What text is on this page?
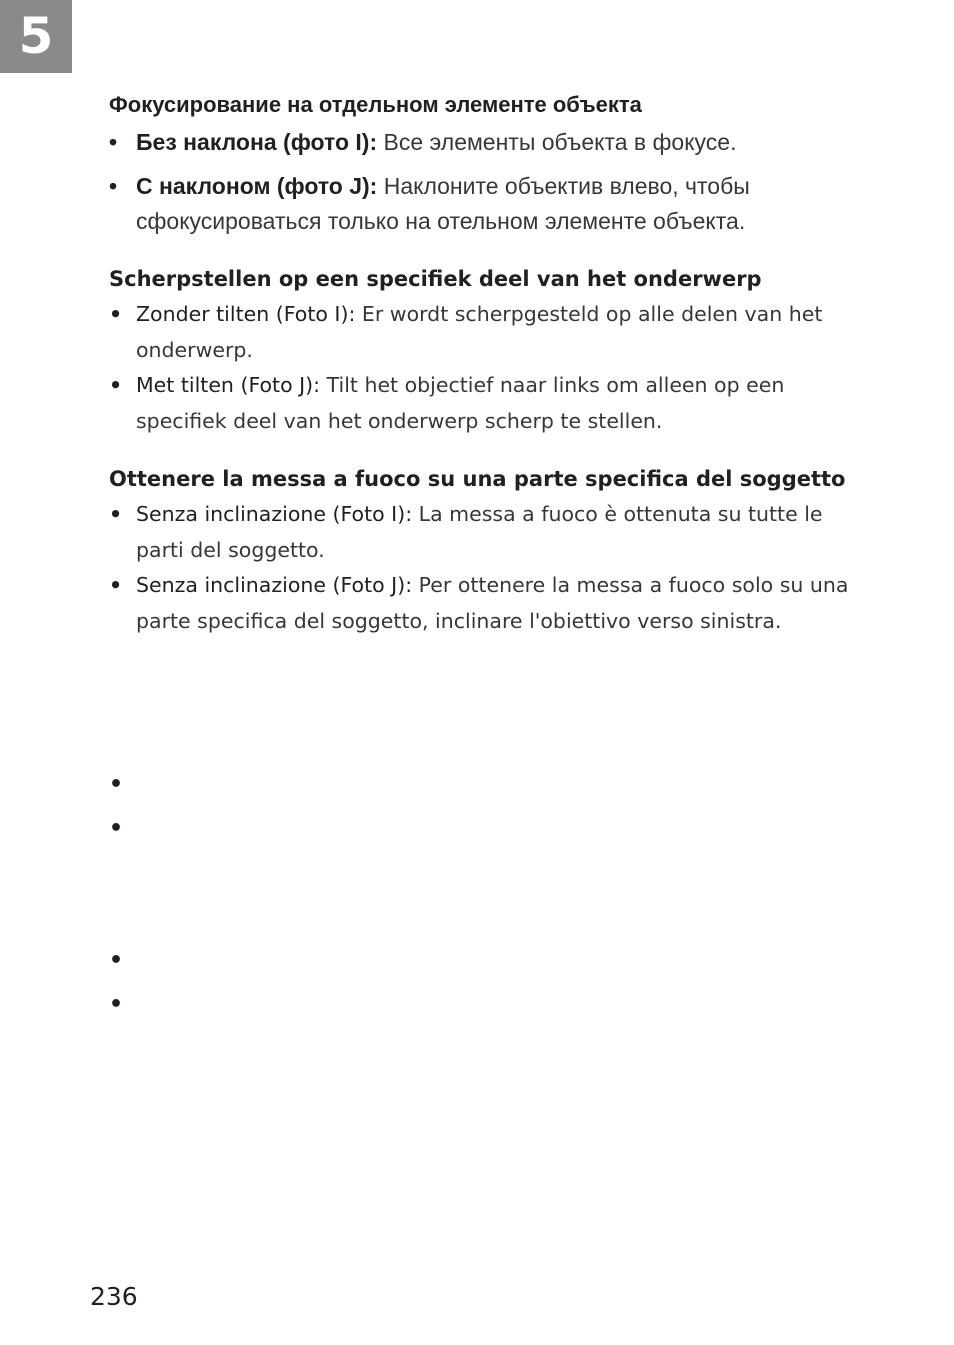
5

Фокусирование на отдельном элементе объекта

• Без наклона (фото I): Все элементы объекта в фокусе.
• С наклоном (фото J): Наклоните объектив влево, чтобы сфокусироваться только на отельном элементе объекта.

Scherpstellen op een specifiek deel van het onderwerp

• Zonder tilten (Foto I): Er wordt scherpgesteld op alle delen van het onderwerp.
• Met tilten (Foto J): Tilt het objectief naar links om alleen op een specifiek deel van het onderwerp scherp te stellen.

Ottenere la messa a fuoco su una parte specifica del soggetto

• Senza inclinazione (Foto I): La messa a fuoco è ottenuta su tutte le parti del soggetto.
• Senza inclinazione (Foto J): Per ottenere la messa a fuoco solo su una parte specifica del soggetto, inclinare l'obiettivo verso sinistra.
•
•
•
•
236
